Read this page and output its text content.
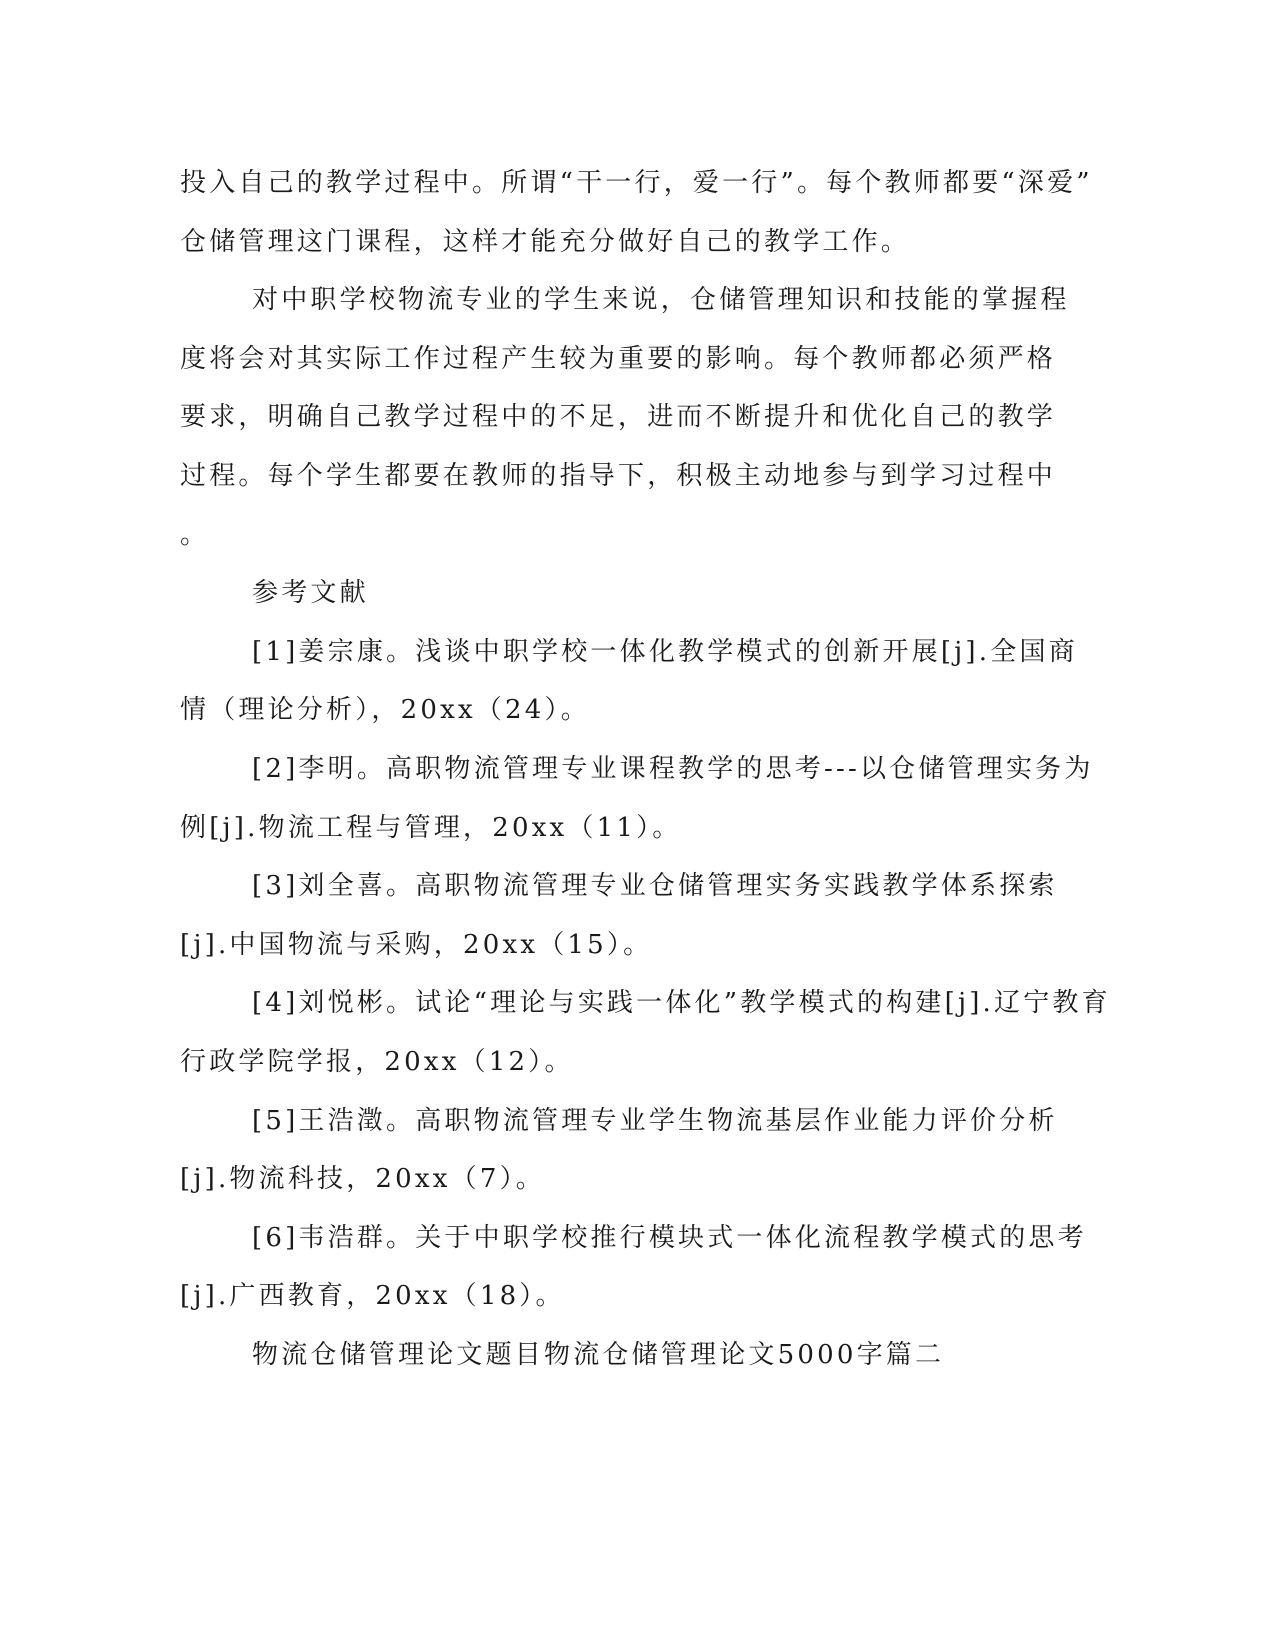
投入自己的教学过程中。所谓“干一行，爱一行”。每个教师都要“深爱”
仓储管理这门课程，这样才能充分做好自己的教学工作。
对中职学校物流专业的学生来说，仓储管理知识和技能的掌握程
度将会对其实际工作过程产生较为重要的影响。每个教师都必须严格
要求，明确自己教学过程中的不足，进而不断提升和优化自己的教学
过程。每个学生都要在教师的指导下，积极主动地参与到学习过程中
。
参考文献
[1]姜宗康。浅谈中职学校一体化教学模式的创新开展[j].全国商
情（理论分析），20xx（24）。
[2]李明。高职物流管理专业课程教学的思考---以仓储管理实务为
例[j].物流工程与管理，20xx（11）。
[3]刘全喜。高职物流管理专业仓储管理实务实践教学体系探索
[j].中国物流与采购，20xx（15）。
[4]刘悦彬。试论“理论与实践一体化”教学模式的构建[j].辽宁教育
行政学院学报，20xx（12）。
[5]王浩澂。高职物流管理专业学生物流基层作业能力评价分析
[j].物流科技，20xx（7）。
[6]韦浩群。关于中职学校推行模块式一体化流程教学模式的思考
[j].广西教育，20xx（18）。
物流仓储管理论文题目物流仓储管理论文5000字篇二
